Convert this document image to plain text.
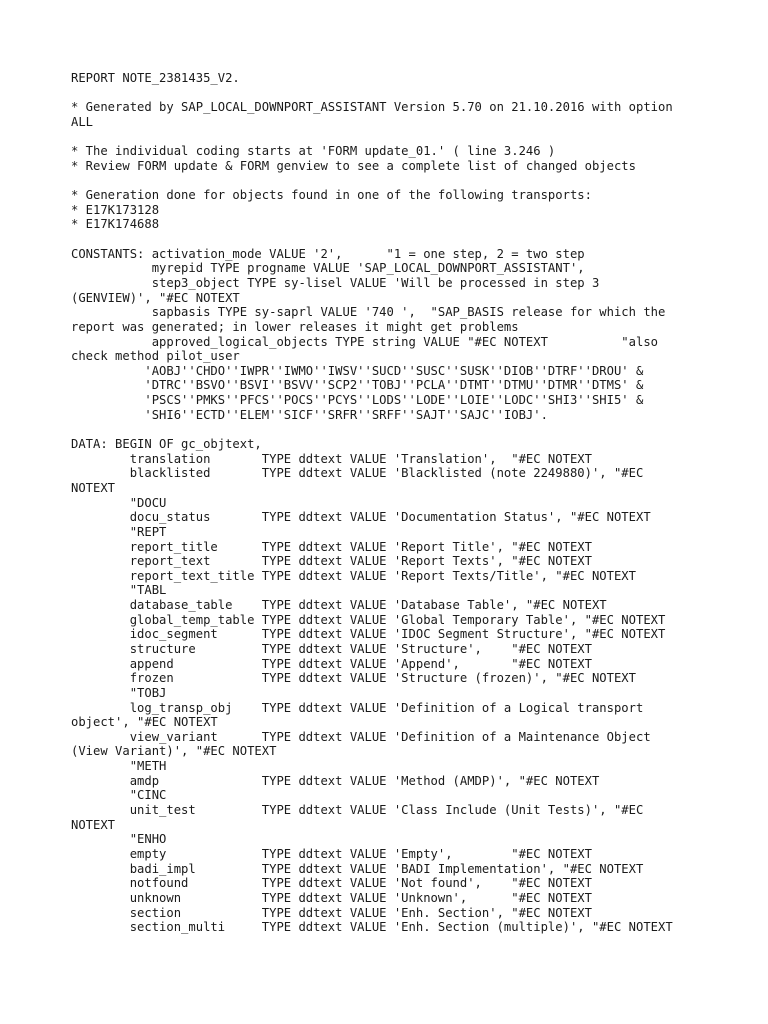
REPORT NOTE_2381435_V2.
* Generated by SAP_LOCAL_DOWNPORT_ASSISTANT Version 5.70 on 21.10.2016 with option
ALL
* The individual coding starts at 'FORM update_01.' ( line 3.246 )
* Review FORM update & FORM genview to see a complete list of changed objects
* Generation done for objects found in one of the following transports:
* E17K173128
* E17K174688
CONSTANTS: activation_mode VALUE '2',      "1 = one step, 2 = two step
myrepid TYPE progname VALUE 'SAP_LOCAL_DOWNPORT_ASSISTANT',
step3_object TYPE sy-lisel VALUE 'Will be processed in step 3
(GENVIEW)', "#EC NOTEXT
sapbasis TYPE sy-saprl VALUE '740 ',  "SAP_BASIS release for which the
report was generated; in lower releases it might get problems
approved_logical_objects TYPE string VALUE "#EC NOTEXT          "also
check method pilot_user
'AOBJ''CHDO''IWPR''IWMO''IWSV''SUCD''SUSC''SUSK''DIOB''DTRF''DROU' &
'DTRC''BSVO''BSVI''BSVV''SCP2''TOBJ''PCLA''DTMT''DTMU''DTMR''DTMS' &
'PSCS''PMKS''PFCS''POCS''PCYS''LODS''LODE''LOIE''LODC''SHI3''SHI5' &
'SHI6''ECTD''ELEM''SICF''SRFR''SRFF''SAJT''SAJC''IOBJ'.
DATA: BEGIN OF gc_objtext,
translation       TYPE ddtext VALUE 'Translation',  "#EC NOTEXT
blacklisted       TYPE ddtext VALUE 'Blacklisted (note 2249880)', "#EC
NOTEXT
"DOCU
docu_status       TYPE ddtext VALUE 'Documentation Status', "#EC NOTEXT
"REPT
report_title      TYPE ddtext VALUE 'Report Title', "#EC NOTEXT
report_text       TYPE ddtext VALUE 'Report Texts', "#EC NOTEXT
report_text_title TYPE ddtext VALUE 'Report Texts/Title', "#EC NOTEXT
"TABL
database_table    TYPE ddtext VALUE 'Database Table', "#EC NOTEXT
global_temp_table TYPE ddtext VALUE 'Global Temporary Table', "#EC NOTEXT
idoc_segment      TYPE ddtext VALUE 'IDOC Segment Structure', "#EC NOTEXT
structure         TYPE ddtext VALUE 'Structure',    "#EC NOTEXT
append            TYPE ddtext VALUE 'Append',       "#EC NOTEXT
frozen            TYPE ddtext VALUE 'Structure (frozen)', "#EC NOTEXT
"TOBJ
log_transp_obj    TYPE ddtext VALUE 'Definition of a Logical transport
object', "#EC NOTEXT
view_variant      TYPE ddtext VALUE 'Definition of a Maintenance Object
(View Variant)', "#EC NOTEXT
"METH
amdp              TYPE ddtext VALUE 'Method (AMDP)', "#EC NOTEXT
"CINC
unit_test         TYPE ddtext VALUE 'Class Include (Unit Tests)', "#EC
NOTEXT
"ENHO
empty             TYPE ddtext VALUE 'Empty',        "#EC NOTEXT
badi_impl         TYPE ddtext VALUE 'BADI Implementation', "#EC NOTEXT
notfound          TYPE ddtext VALUE 'Not found',    "#EC NOTEXT
unknown           TYPE ddtext VALUE 'Unknown',      "#EC NOTEXT
section           TYPE ddtext VALUE 'Enh. Section', "#EC NOTEXT
section_multi     TYPE ddtext VALUE 'Enh. Section (multiple)', "#EC NOTEXT
